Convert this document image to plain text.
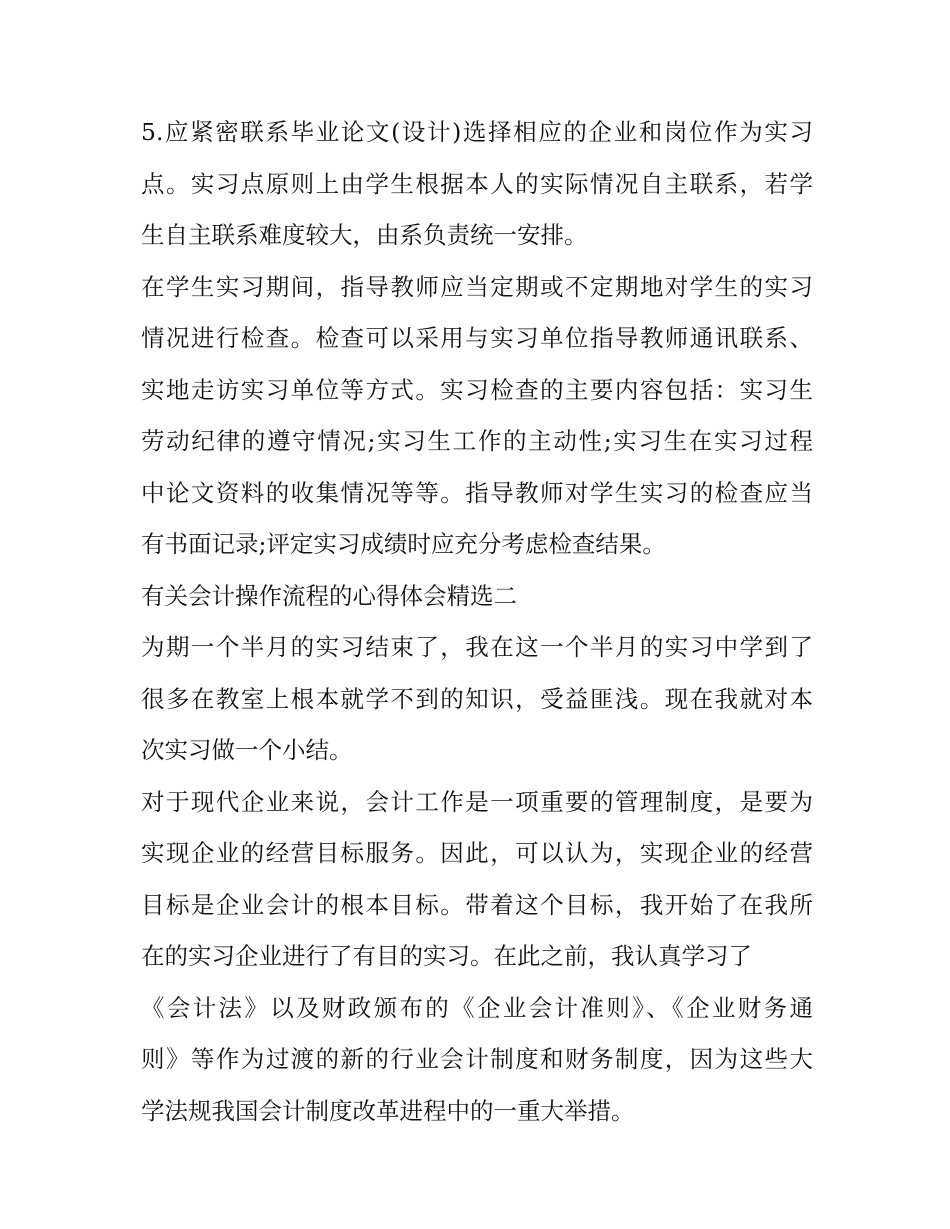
5.应紧密联系毕业论文(设计)选择相应的企业和岗位作为实习
点。实习点原则上由学生根据本人的实际情况自主联系，若学
生自主联系难度较大，由系负责统一安排。
在学生实习期间，指导教师应当定期或不定期地对学生的实习
情况进行检查。检查可以采用与实习单位指导教师通讯联系、
实地走访实习单位等方式。实习检查的主要内容包括：实习生
劳动纪律的遵守情况;实习生工作的主动性;实习生在实习过程
中论文资料的收集情况等等。指导教师对学生实习的检查应当
有书面记录;评定实习成绩时应充分考虑检查结果。
有关会计操作流程的心得体会精选二
为期一个半月的实习结束了，我在这一个半月的实习中学到了
很多在教室上根本就学不到的知识，受益匪浅。现在我就对本
次实习做一个小结。
对于现代企业来说，会计工作是一项重要的管理制度，是要为
实现企业的经营目标服务。因此，可以认为，实现企业的经营
目标是企业会计的根本目标。带着这个目标，我开始了在我所
在的实习企业进行了有目的实习。在此之前，我认真学习了
《会计法》以及财政颁布的《企业会计准则》、《企业财务通
则》等作为过渡的新的行业会计制度和财务制度，因为这些大
学法规我国会计制度改革进程中的一重大举措。
